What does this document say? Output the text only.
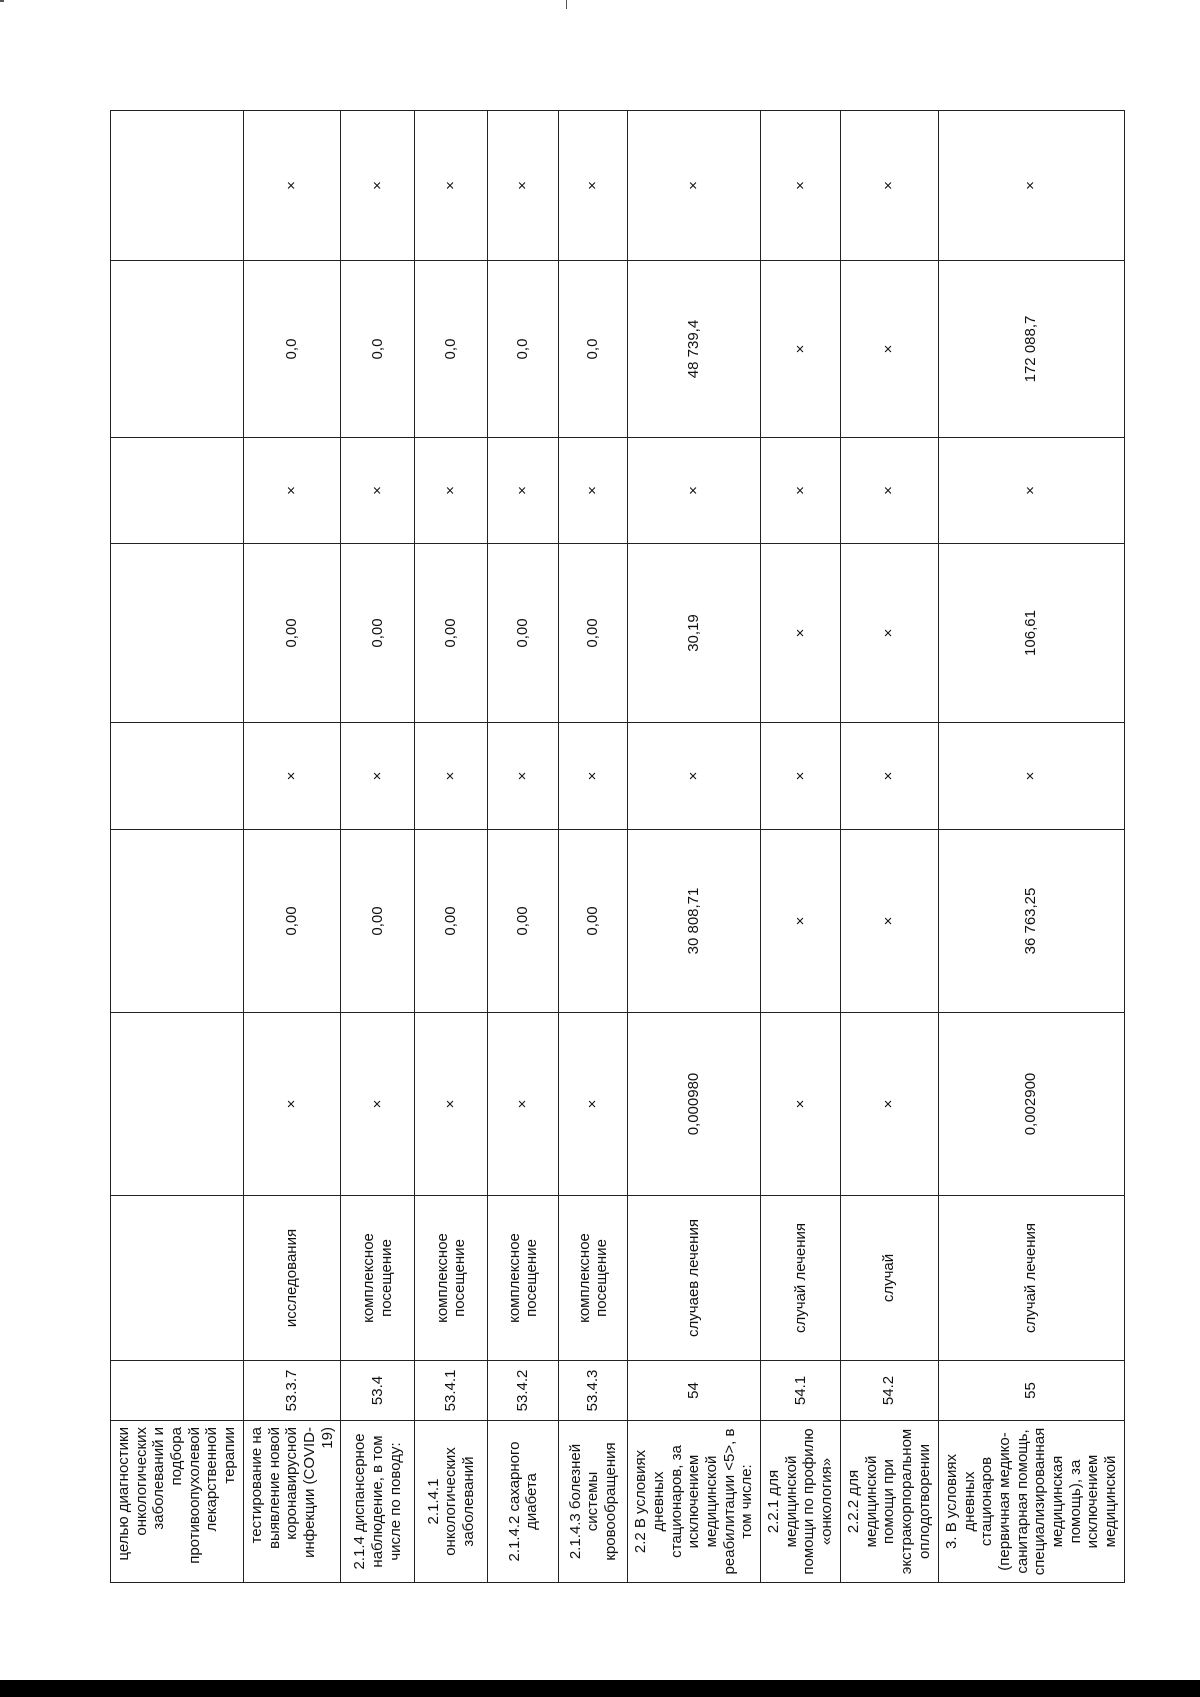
целью диагностики онкологических заболеваний и подбора противоопухолевой лекарственной терапии									
тестирование на выявление новой коронавирусной инфекции (COVID-19)	53.3.7	исследования	×	0,00	×	0,00	×	0,0	×
2.1.4 диспансерное наблюдение, в том числе по поводу:	53.4	комплексное посещение	×	0,00	×	0,00	×	0,0	×
2.1.4.1 онкологических заболеваний	53.4.1	комплексное посещение	×	0,00	×	0,00	×	0,0	×
2.1.4.2 сахарного диабета	53.4.2	комплексное посещение	×	0,00	×	0,00	×	0,0	×
2.1.4.3 болезней системы кровообращения	53.4.3	комплексное посещение	×	0,00	×	0,00	×	0,0	×
2.2 В условиях дневных стационаров, за исключением медицинской реабилитации <5>, в том числе:	54	случаев лечения	0,000980	30 808,71	×	30,19	×	48 739,4	×
2.2.1 для медицинской помощи по профилю «онкология»	54.1	случай лечения	×	×	×	×	×	×	×
2.2.2 для медицинской помощи при экстракорпоральном оплодотворении	54.2	случай	×	×	×	×	×	×	×
3. В условиях дневных стационаров (первичная медико-санитарная помощь, специализированная медицинская помощь), за исключением медицинской	55	случай лечения	0,002900	36 763,25	×	106,61	×	172 088,7	×
